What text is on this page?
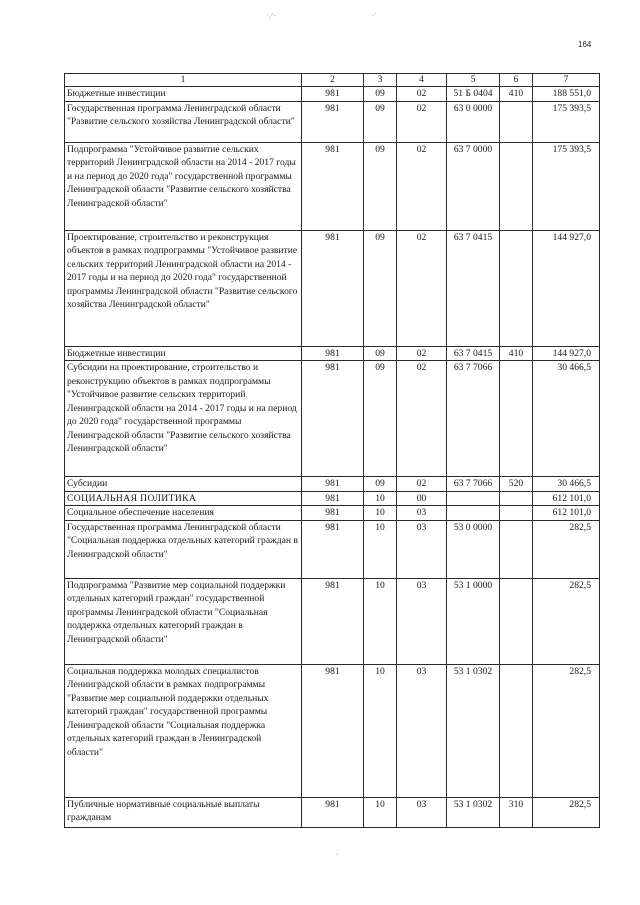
164
·‚^·	·'
-
1	2	3	4	5	6	7
Бюджетные инвестиции	981	09	02	51 Б 0404	410	188 551,0
Государственная программа Ленинградской области "Развитие сельского хозяйства Ленинградской области"	981	09	02	63 0 0000		175 393,5
Подпрограмма "Устойчивое развитие сельских территорий Ленинградской области на 2014 - 2017 годы и на период до 2020 года" государственной программы Ленинградской области "Развитие сельского хозяйства Ленинградской области"	981	09	02	63 7 0000		175 393,5
Проектирование, строительство и реконструкция объектов в рамках подпрограммы "Устойчивое развитие сельских территорий Ленинградской области на 2014 - 2017 годы и на период до 2020 года" государственной программы Ленинградской области "Развитие сельского хозяйства Ленинградской области"	981	09	02	63 7 0415		144 927,0
Бюджетные инвестиции	981	09	02	63 7 0415	410	144 927,0
Субсидии на проектирование, строительство и реконструкцию объектов в рамках подпрограммы "Устойчивое развитие сельских территорий Ленинградской области на 2014 - 2017 годы и на период до 2020 года" государственной программы Ленинградской области "Развитие сельского хозяйства Ленинградской области"	981	09	02	63 7 7066		30 466,5
Субсидии	981	09	02	63 7 7066	520	30 466,5
СОЦИАЛЬНАЯ ПОЛИТИКА	981	10	00			612 101,0
Социальное обеспечение населения	981	10	03			612 101,0
Государственная программа Ленинградской области "Социальная поддержка отдельных категорий граждан в Ленинградской области"	981	10	03	53 0 0000		282,5
Подпрограмма "Развитие мер социальной поддержки отдельных категорий граждан" государственной программы Ленинградской области "Социальная поддержка отдельных категорий граждан в Ленинградской области"	981	10	03	53 1 0000		282,5
Социальная поддержка молодых специалистов Ленинградской области в рамках подпрограммы "Развитие мер социальной поддержки отдельных категорий граждан" государственной программы Ленинградской области "Социальная поддержка отдельных категорий граждан в Ленинградской области"	981	10	03	53 1 0302		282,5
Публичные нормативные социальные выплаты гражданам	981	10	03	53 1 0302	310	282,5
